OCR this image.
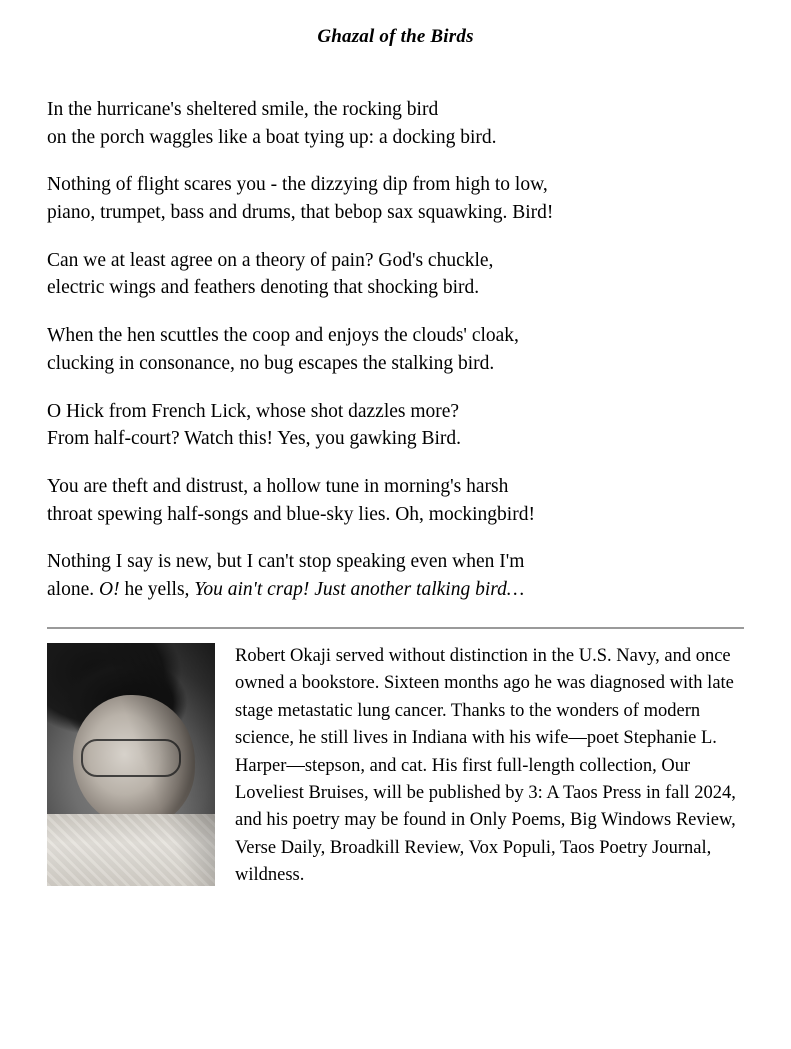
Ghazal of the Birds
In the hurricane's sheltered smile, the rocking bird
on the porch waggles like a boat tying up: a docking bird.
Nothing of flight scares you - the dizzying dip from high to low,
piano, trumpet, bass and drums, that bebop sax squawking. Bird!
Can we at least agree on a theory of pain? God's chuckle,
electric wings and feathers denoting that shocking bird.
When the hen scuttles the coop and enjoys the clouds' cloak,
clucking in consonance, no bug escapes the stalking bird.
O Hick from French Lick, whose shot dazzles more?
From half-court? Watch this! Yes, you gawking Bird.
You are theft and distrust, a hollow tune in morning's harsh
throat spewing half-songs and blue-sky lies. Oh, mockingbird!
Nothing I say is new, but I can't stop speaking even when I'm
alone. O! he yells, You ain't crap! Just another talking bird…
Robert Okaji served without distinction in the U.S. Navy, and once owned a bookstore. Sixteen months ago he was diagnosed with late stage metastatic lung cancer. Thanks to the wonders of modern science, he still lives in Indiana with his wife—poet Stephanie L. Harper—stepson, and cat. His first full-length collection, Our Loveliest Bruises, will be published by 3: A Taos Press in fall 2024, and his poetry may be found in Only Poems, Big Windows Review, Verse Daily, Broadkill Review, Vox Populi, Taos Poetry Journal, wildness.
